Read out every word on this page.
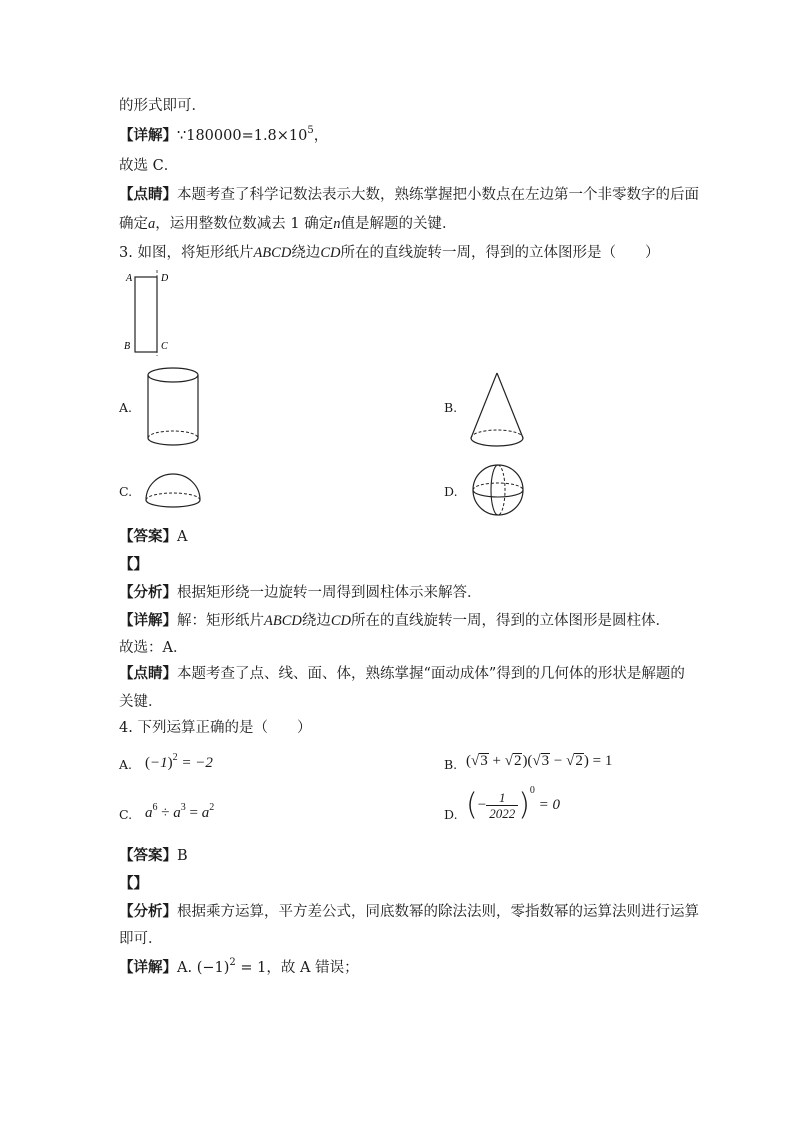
的形式即可．
【详解】$\because 180000=1.8\times 10^5$，
故选 C．
【点睛】本题考查了科学记数法表示大数，熟练掌握把小数点在左边第一个非零数字的后面
确定a，运用整数位数减去 1 确定n值是解题的关键．
3. 如图，将矩形纸片ABCD绕边CD所在的直线旋转一周，得到的立体图形是（　　）
A	D
B	C
A.	B.
C.	D.
【答案】A
【】
【分析】根据矩形绕一边旋转一周得到圆柱体示来解答．
【详解】解：矩形纸片ABCD绕边CD所在的直线旋转一周，得到的立体图形是圆柱体．
故选：A．
【点睛】本题考查了点、线、面、体，熟练掌握“面动成体”得到的几何体的形状是解题的
关键．
4. 下列运算正确的是（　　）
A. $(-1)^2 = -2$	B. (√3 + √2)(√3 − √2) = 1
C. $a^6 \div a^3 = a^2$	D. (− $\frac{1}{2022} )^0 = 0$
【答案】B
【】
【分析】根据乘方运算，平方差公式，同底数幂的除法法则，零指数幂的运算法则进行运算
即可．
【详解】A. $(-1)^2 = 1$，故 A 错误；
